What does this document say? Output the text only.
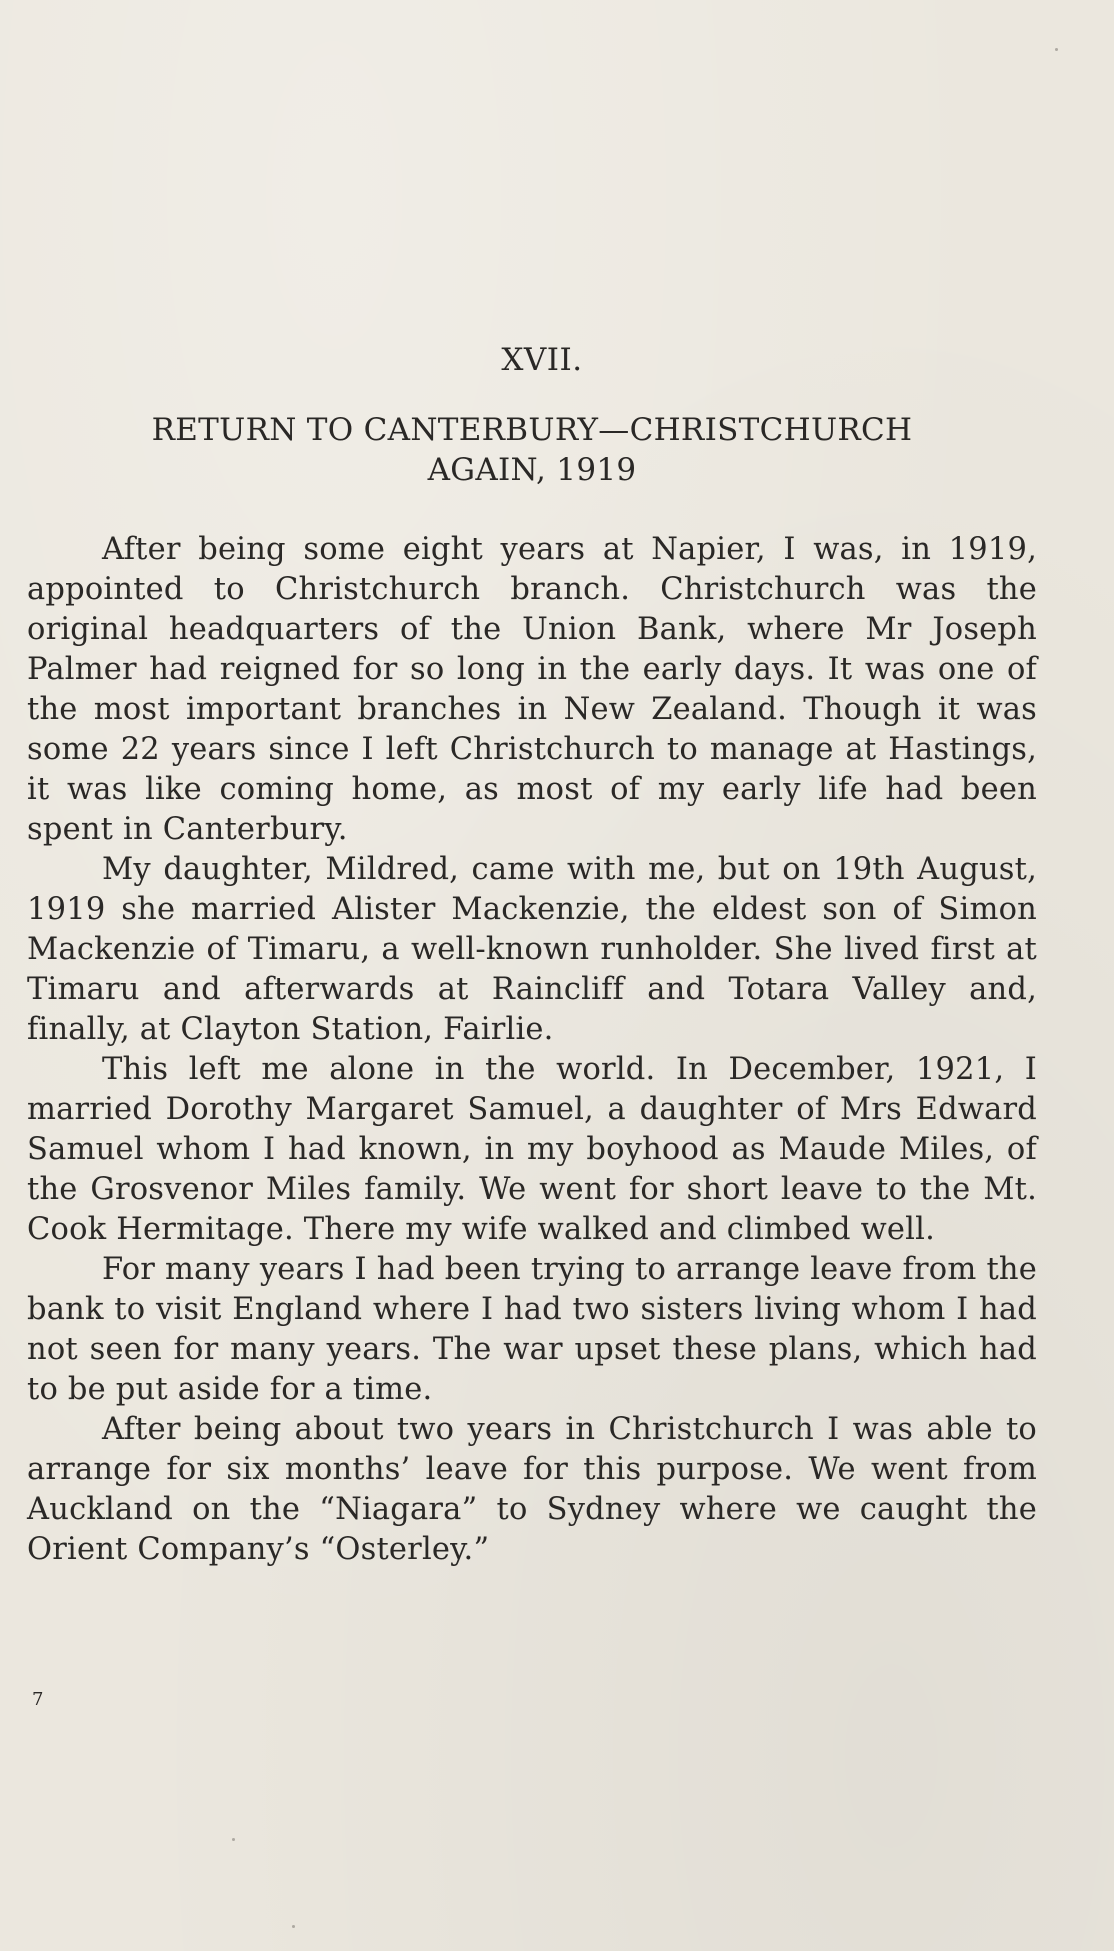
XVII.
RETURN TO CANTERBURY—CHRISTCHURCH
AGAIN, 1919

After being some eight years at Napier, I was, in 1919, appointed to Christchurch branch. Christchurch was the original headquarters of the Union Bank, where Mr Joseph Palmer had reigned for so long in the early days. It was one of the most important branches in New Zealand. Though it was some 22 years since I left Christchurch to manage at Hastings, it was like coming home, as most of my early life had been spent in Canterbury.

My daughter, Mildred, came with me, but on 19th August, 1919 she married Alister Mackenzie, the eldest son of Simon Mackenzie of Timaru, a well-known runholder. She lived first at Timaru and afterwards at Raincliff and Totara Valley and, finally, at Clayton Station, Fairlie.

This left me alone in the world. In December, 1921, I married Dorothy Margaret Samuel, a daughter of Mrs Edward Samuel whom I had known, in my boyhood as Maude Miles, of the Grosvenor Miles family. We went for short leave to the Mt. Cook Hermitage. There my wife walked and climbed well.

For many years I had been trying to arrange leave from the bank to visit England where I had two sisters living whom I had not seen for many years. The war upset these plans, which had to be put aside for a time.

After being about two years in Christchurch I was able to arrange for six months’ leave for this purpose. We went from Auckland on the “Niagara” to Sydney where we caught the Orient Company’s “Osterley.”

7
